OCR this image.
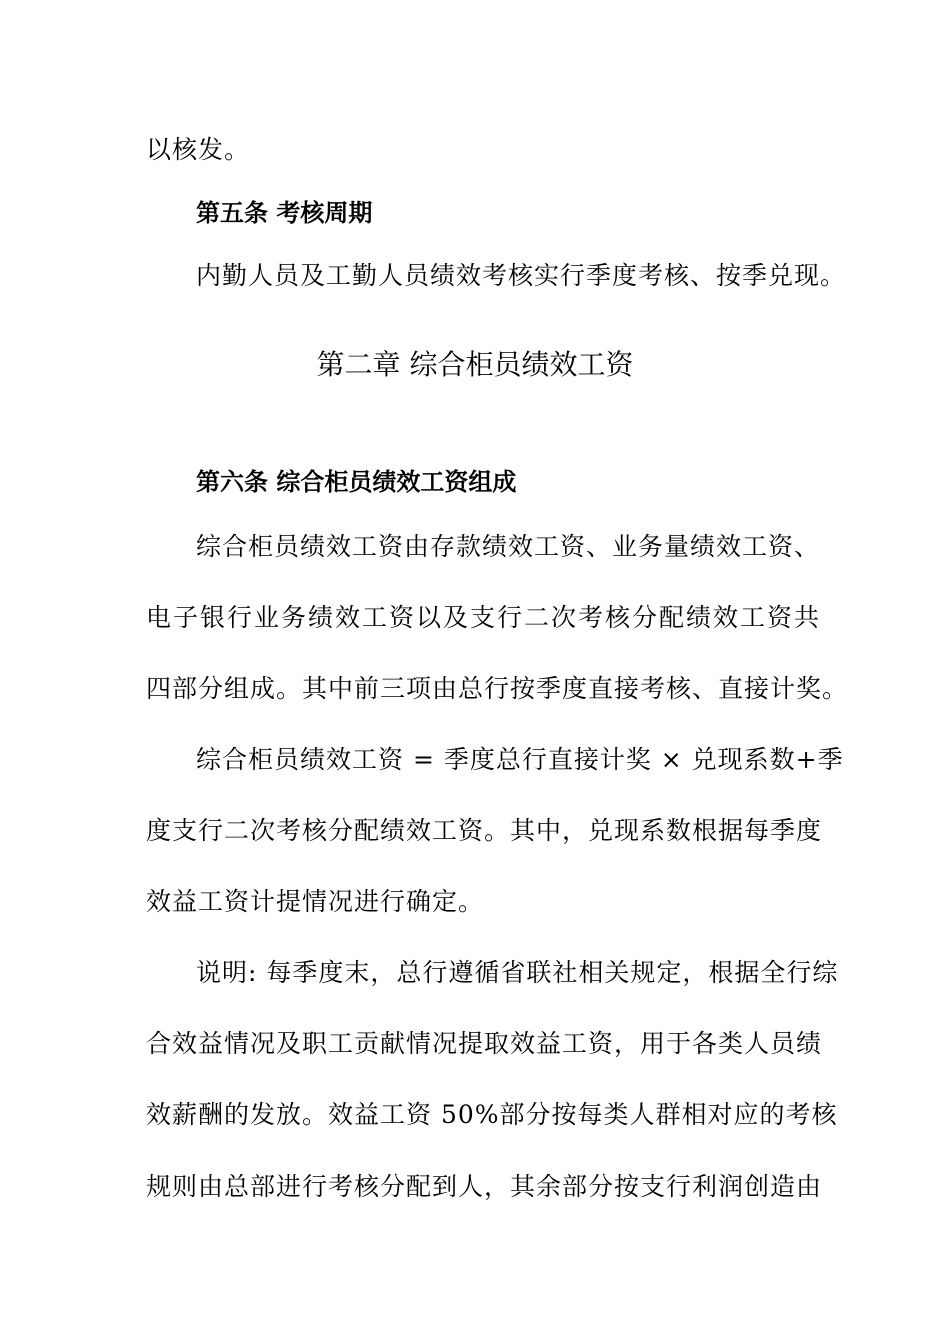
以核发。
第五条 考核周期
内勤人员及工勤人员绩效考核实行季度考核、按季兑现。
第二章 综合柜员绩效工资
第六条 综合柜员绩效工资组成
综合柜员绩效工资由存款绩效工资、业务量绩效工资、
电子银行业务绩效工资以及支行二次考核分配绩效工资共
四部分组成。其中前三项由总行按季度直接考核、直接计奖。
综合柜员绩效工资 = 季度总行直接计奖 × 兑现系数+季
度支行二次考核分配绩效工资。其中，兑现系数根据每季度
效益工资计提情况进行确定。
说明: 每季度末，总行遵循省联社相关规定，根据全行综
合效益情况及职工贡献情况提取效益工资，用于各类人员绩
效薪酬的发放。效益工资 50%部分按每类人群相对应的考核
规则由总部进行考核分配到人，其余部分按支行利润创造由
